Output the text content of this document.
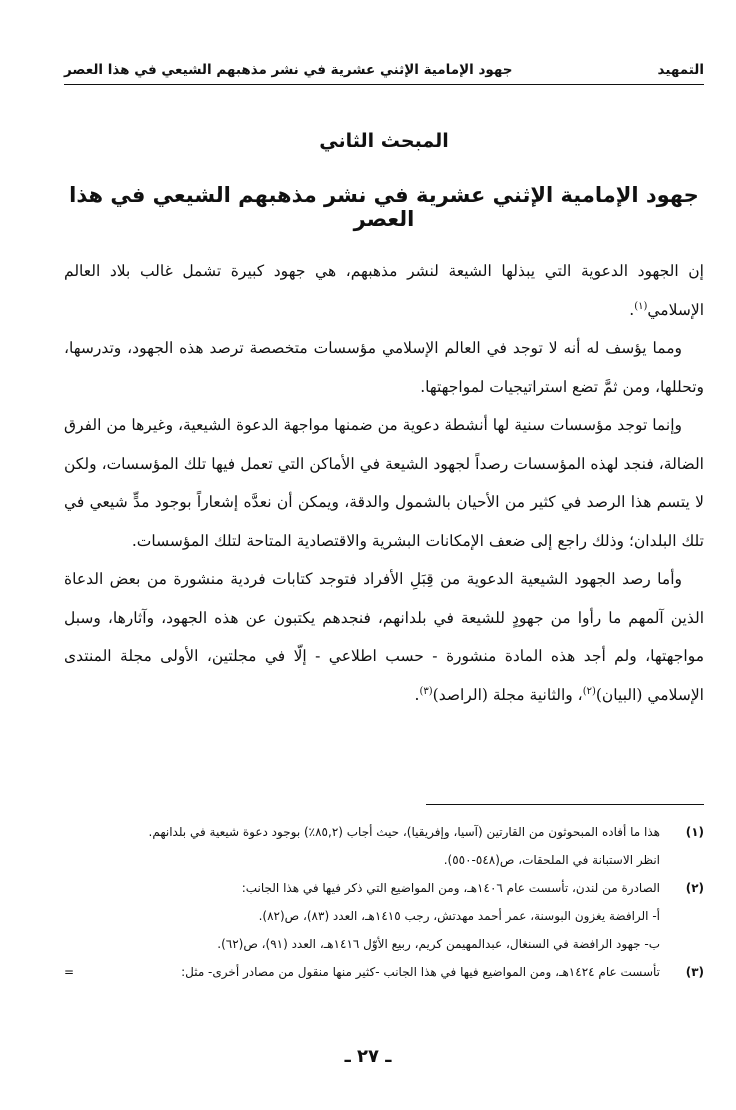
التمهيد
جهود الإمامية الإثني عشرية في نشر مذهبهم الشيعي في هذا العصر
المبحث الثاني
جهود الإمامية الإثني عشرية في نشر مذهبهم الشيعي في هذا العصر

إن الجهود الدعوية التي يبذلها الشيعة لنشر مذهبهم، هي جهود كبيرة تشمل غالب بلاد العالم الإسلامي$^{(١)}$.

ومما يؤسف له أنه لا توجد في العالم الإسلامي مؤسسات متخصصة ترصد هذه الجهود، وتدرسها، وتحللها، ومن ثمَّ تضع استراتيجيات لمواجهتها.

وإنما توجد مؤسسات سنية لها أنشطة دعوية من ضمنها مواجهة الدعوة الشيعية، وغيرها من الفرق الضالة، فنجد لهذه المؤسسات رصداً لجهود الشيعة في الأماكن التي تعمل فيها تلك المؤسسات، ولكن لا يتسم هذا الرصد في كثير من الأحيان بالشمول والدقة، ويمكن أن نعدَّه إشعاراً بوجود مدٍّ شيعي في تلك البلدان؛ وذلك راجع إلى ضعف الإمكانات البشرية والاقتصادية المتاحة لتلك المؤسسات.

وأما رصد الجهود الشيعية الدعوية من قِبَلِ الأفراد فتوجد كتابات فردية منشورة من بعض الدعاة الذين آلمهم ما رأوا من جهودٍ للشيعة في بلدانهم، فنجدهم يكتبون عن هذه الجهود، وآثارها، وسبل مواجهتها، ولم أجد هذه المادة منشورة - حسب اطلاعي - إلّا في مجلتين، الأولى مجلة المنتدى الإسلامي (البيان)$^{(٢)}$، والثانية مجلة (الراصد)$^{(٣)}$.

(١)
هذا ما أفاده المبحوثون من القارتين (آسيا، وإفريقيا)، حيث أجاب (٨٥,٢٪) بوجود دعوة شيعية في بلدانهم.
انظر الاستبانة في الملحقات، ص(٥٤٨-٥٥٠).
(٢)
الصادرة من لندن، تأسست عام ١٤٠٦هـ، ومن المواضيع التي ذكر فيها في هذا الجانب:
أ- الرافضة يغزون البوسنة، عمر أحمد مهدتش، رجب ١٤١٥هـ، العدد (٨٣)، ص(٨٢).
ب- جهود الرافضة في السنغال، عبدالمهيمن كريم، ربيع الأوّل ١٤١٦هـ، العدد (٩١)، ص(٦٢).
(٣)
تأسست عام ١٤٢٤هـ، ومن المواضيع فيها في هذا الجانب -كثير منها منقول من مصادر أخرى- مثل:
=
ـ ٢٧ ـ
